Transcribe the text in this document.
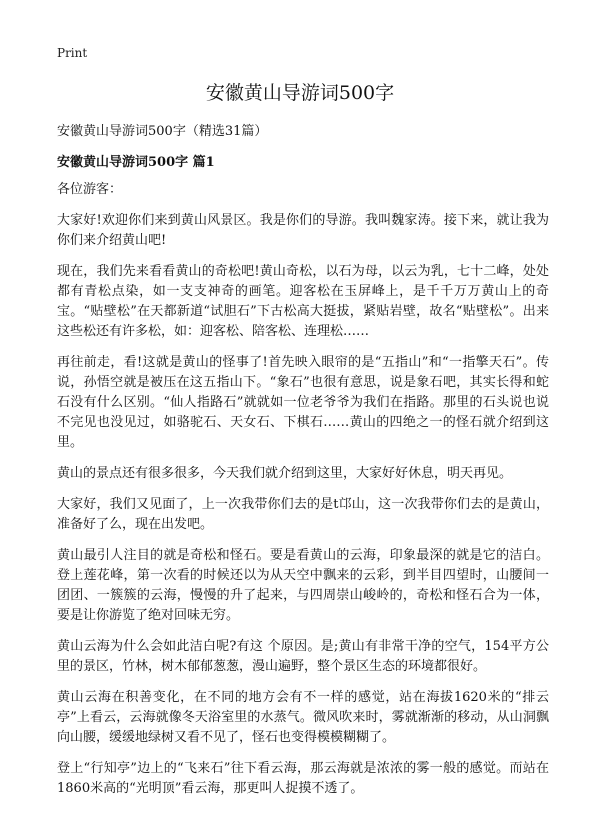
Print
安徽黄山导游词500字

安徽黄山导游词500字（精选31篇）

安徽黄山导游词500字 篇1

各位游客：

大家好!欢迎你们来到黄山风景区。我是你们的导游。我叫魏家涛。接下来，就让我为你们来介绍黄山吧!

现在，我们先来看看黄山的奇松吧!黄山奇松，以石为母，以云为乳，七十二峰，处处都有青松点染，如一支支神奇的画笔。迎客松在玉屏峰上，是千千万万黄山上的奇宝。“贴壁松”在天都新道“试胆石”下古松高大挺拔，紧贴岩壁，故名“贴壁松”。出来这些松还有许多松，如：迎客松、陪客松、连理松……

再往前走，看!这就是黄山的怪事了!首先映入眼帘的是“五指山”和“一指擎天石”。传说，孙悟空就是被压在这五指山下。“象石”也很有意思，说是象石吧，其实长得和蛇石没有什么区别。“仙人指路石”就就如一位老爷爷为我们在指路。那里的石头说也说不完见也没见过，如骆驼石、天女石、下棋石……黄山的四绝之一的怪石就介绍到这里。

黄山的景点还有很多很多，今天我们就介绍到这里，大家好好休息，明天再见。

大家好，我们又见面了，上一次我带你们去的是t邙山，这一次我带你们去的是黄山，准备好了么，现在出发吧。

黄山最引人注目的就是奇松和怪石。要是看黄山的云海，印象最深的就是它的洁白。登上莲花峰，第一次看的时候还以为从天空中飘来的云彩，到半目四望时，山腰间一团团、一簇簇的云海，慢慢的升了起来，与四周崇山峻岭的，奇松和怪石合为一体，要是让你游览了绝对回味无穷。

黄山云海为什么会如此洁白呢?有这 个原因。是;黄山有非常干净的空气，154平方公里的景区，竹林，树木郁郁葱葱，漫山遍野，整个景区生态的环境都很好。

黄山云海在积善变化，在不同的地方会有不一样的感觉，站在海拔1620米的“排云亭”上看云，云海就像冬天浴室里的水蒸气。微风吹来时，雾就渐渐的移动，从山洞飘向山腰，缓缓地绿树又看不见了，怪石也变得模模糊糊了。

登上“行知亭”边上的“飞来石”往下看云海，那云海就是浓浓的雾一般的感觉。而站在1860米高的“光明顶”看云海，那更叫人捉摸不透了。
